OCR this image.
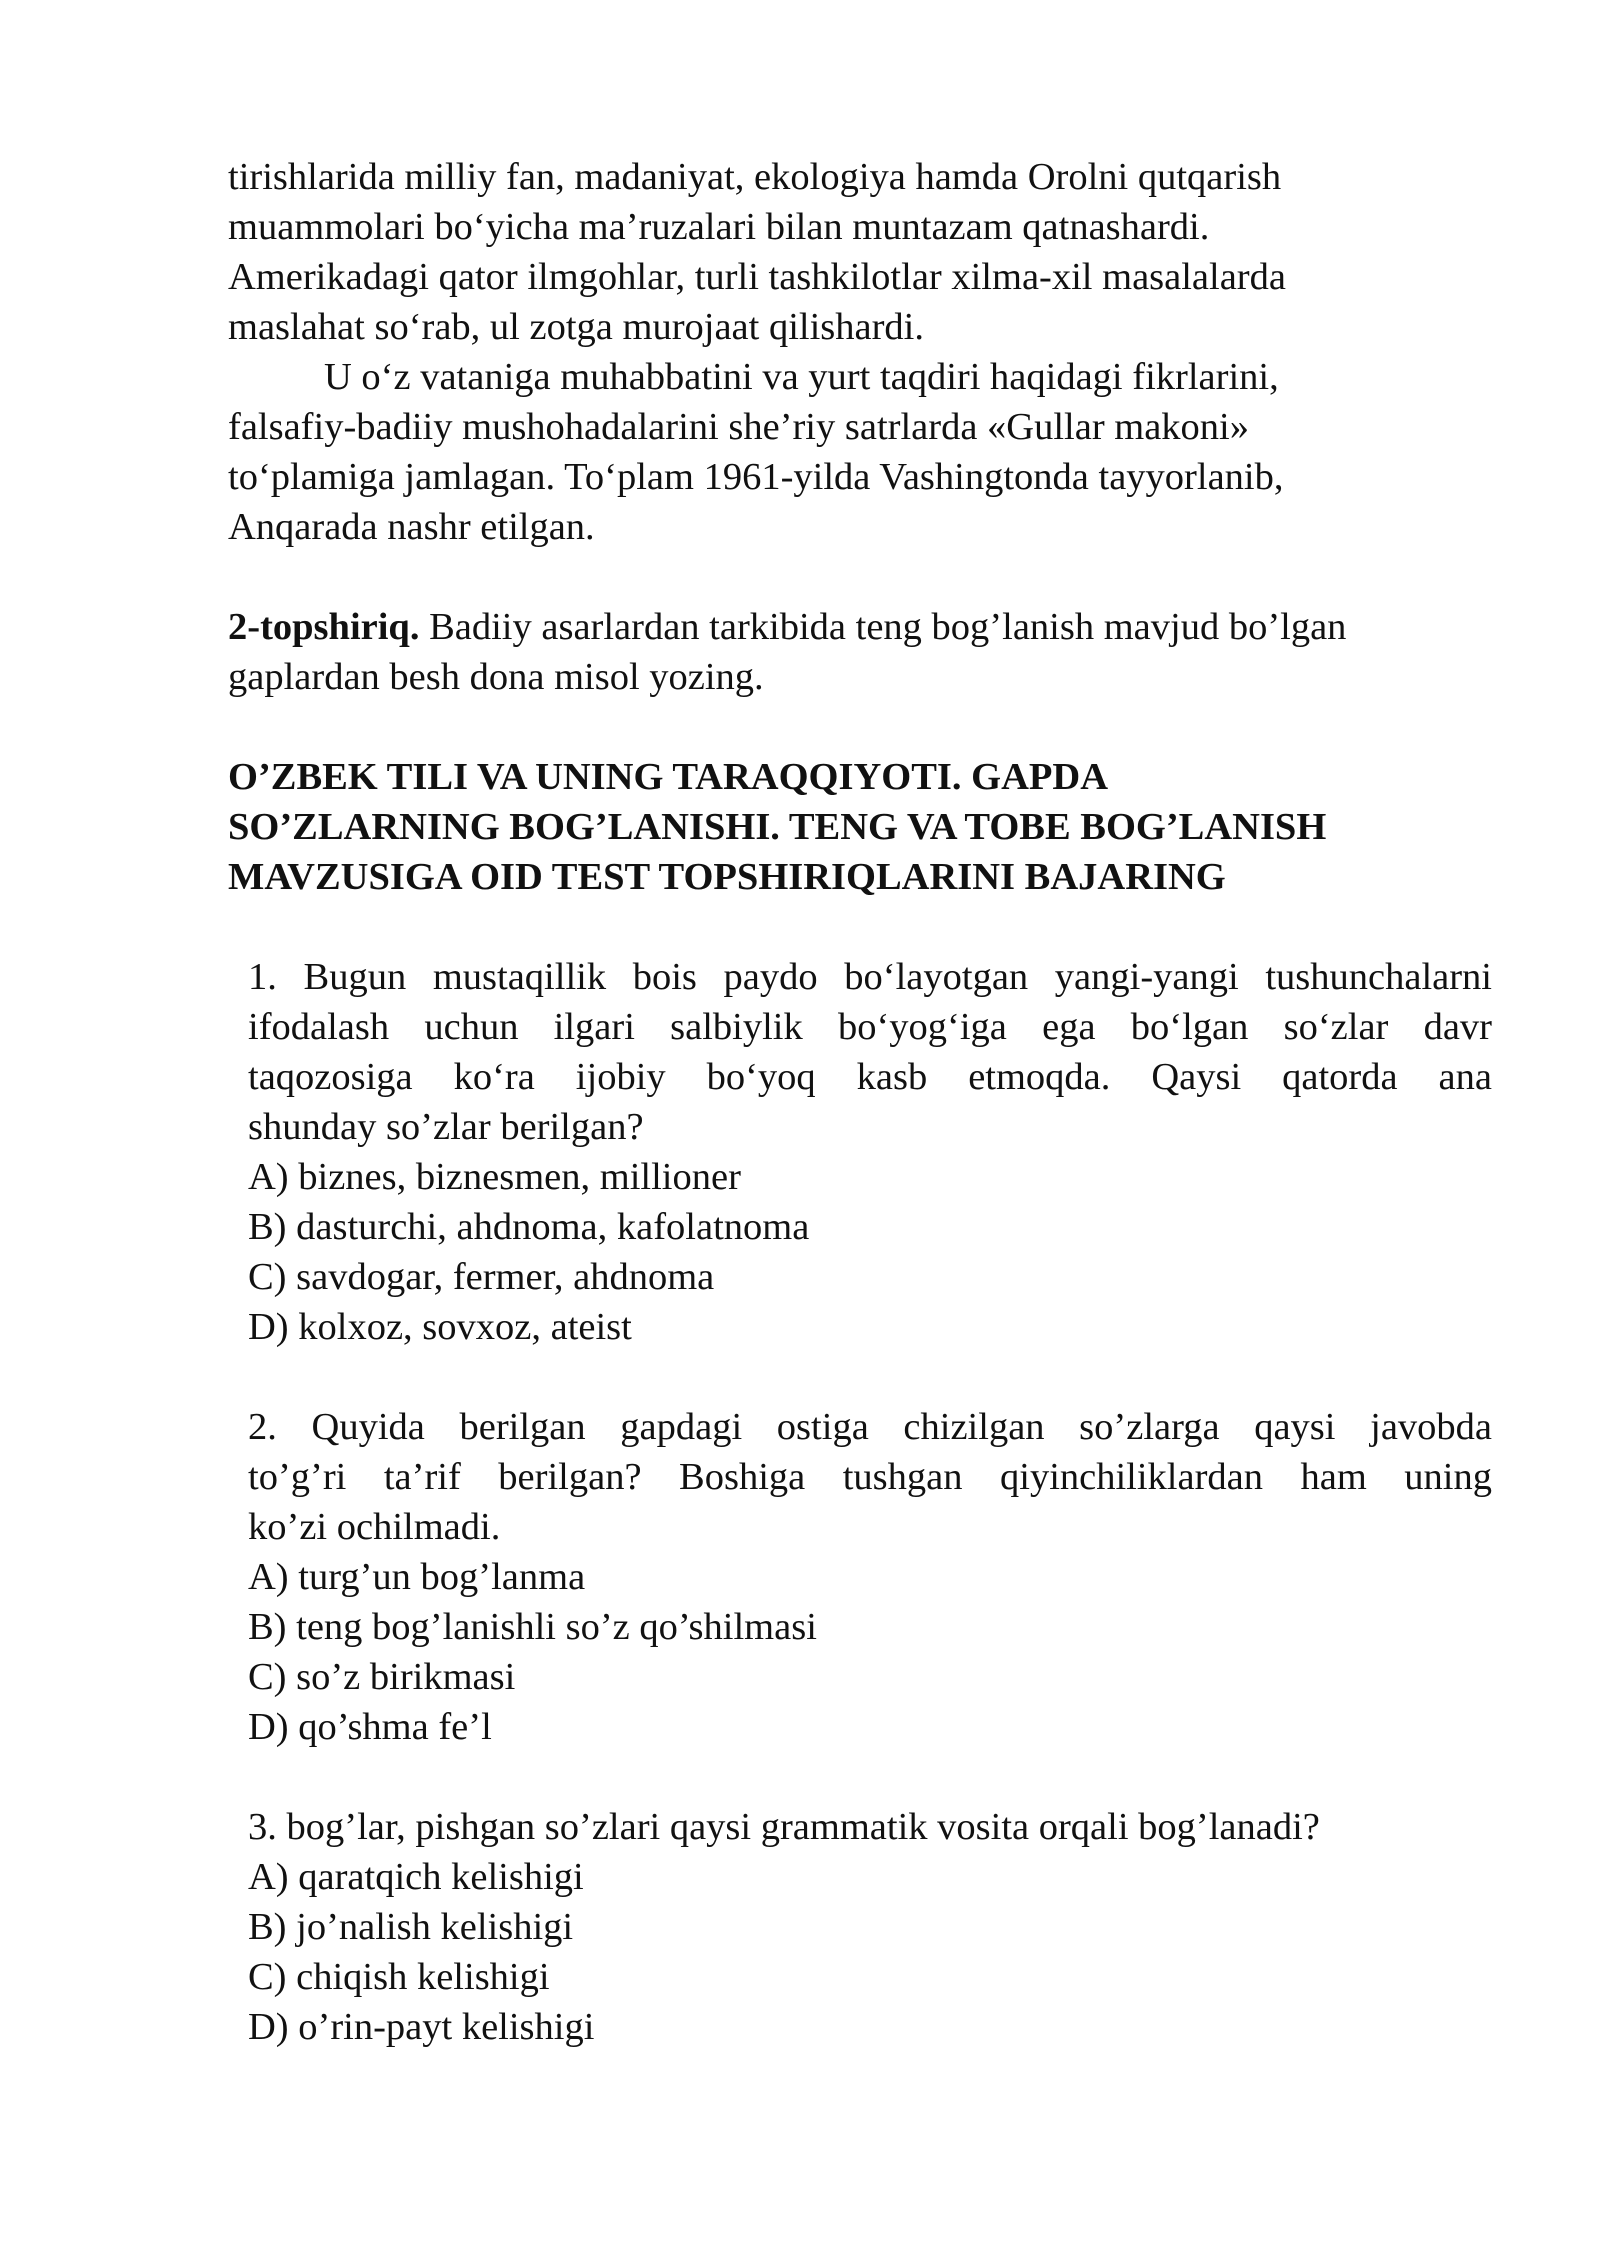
tirishlarida milliy fan, madaniyat, ekologiya hamda Orolni qutqarish

muammolari bo‘yicha ma’ruzalari bilan muntazam qatnashardi.

Amerikadagi qator ilmgohlar, turli tashkilotlar xilma-xil masalalarda

maslahat so‘rab, ul zotga murojaat qilishardi.

U o‘z vataniga muhabbatini va yurt taqdiri haqidagi fikrlarini,

falsafiy-badiiy mushohadalarini she’riy satrlarda «Gullar makoni»

to‘plamiga jamlagan. To‘plam 1961-yilda Vashingtonda tayyorlanib,

Anqarada nashr etilgan.

2-topshiriq. Badiiy asarlardan tarkibida teng bog’lanish mavjud bo’lgan

gaplardan besh dona misol yozing.

O’ZBEK TILI VA UNING TARAQQIYOTI. GAPDA

SO’ZLARNING BOG’LANISHI. TENG VA TOBE BOG’LANISH

MAVZUSIGA OID TEST TOPSHIRIQLARINI BAJARING

1. Bugun mustaqillik bois paydo bo‘layotgan yangi-yangi tushunchalarni

ifodalash uchun ilgari salbiylik bo‘yog‘iga ega bo‘lgan so‘zlar davr

taqozosiga ko‘ra ijobiy bo‘yoq kasb etmoqda. Qaysi qatorda ana

shunday so’zlar berilgan?

A) biznes, biznesmen, millioner

B) dasturchi, ahdnoma, kafolatnoma

C) savdogar, fermer, ahdnoma

D) kolxoz, sovxoz, ateist

2. Quyida berilgan gapdagi ostiga chizilgan so’zlarga qaysi javobda

to’g’ri ta’rif berilgan? Boshiga tushgan qiyinchiliklardan ham uning

ko’zi ochilmadi.

A) turg’un bog’lanma

B) teng bog’lanishli so’z qo’shilmasi

C) so’z birikmasi

D) qo’shma fe’l

3. bog’lar, pishgan so’zlari qaysi grammatik vosita orqali bog’lanadi?

A) qaratqich kelishigi

B) jo’nalish kelishigi

C) chiqish kelishigi

D) o’rin-payt kelishigi
